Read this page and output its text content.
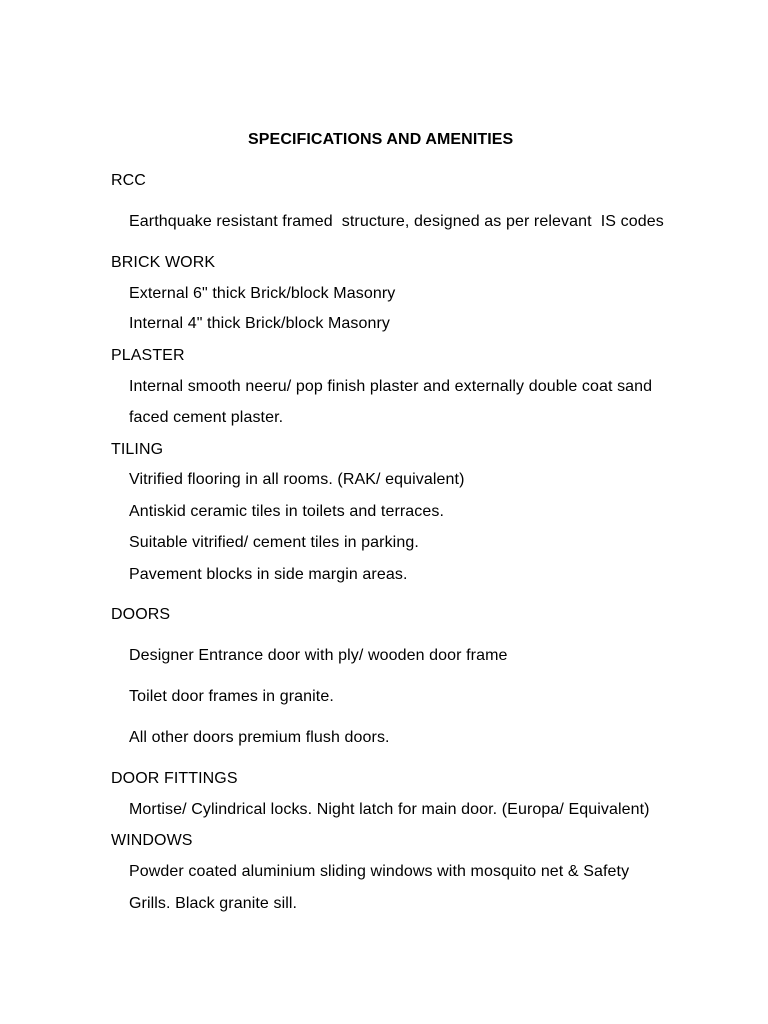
SPECIFICATIONS AND AMENITIES
RCC
Earthquake resistant framed  structure, designed as per relevant  IS codes
BRICK WORK
External 6" thick Brick/block Masonry
Internal 4" thick Brick/block Masonry
PLASTER
Internal smooth neeru/ pop finish plaster and externally double coat sand
faced cement plaster.
TILING
Vitrified flooring in all rooms. (RAK/ equivalent)
Antiskid ceramic tiles in toilets and terraces.
Suitable vitrified/ cement tiles in parking.
Pavement blocks in side margin areas.
DOORS
Designer Entrance door with ply/ wooden door frame
Toilet door frames in granite.
All other doors premium flush doors.
DOOR FITTINGS
Mortise/ Cylindrical locks. Night latch for main door. (Europa/ Equivalent)
WINDOWS
Powder coated aluminium sliding windows with mosquito net & Safety
Grills. Black granite sill.
